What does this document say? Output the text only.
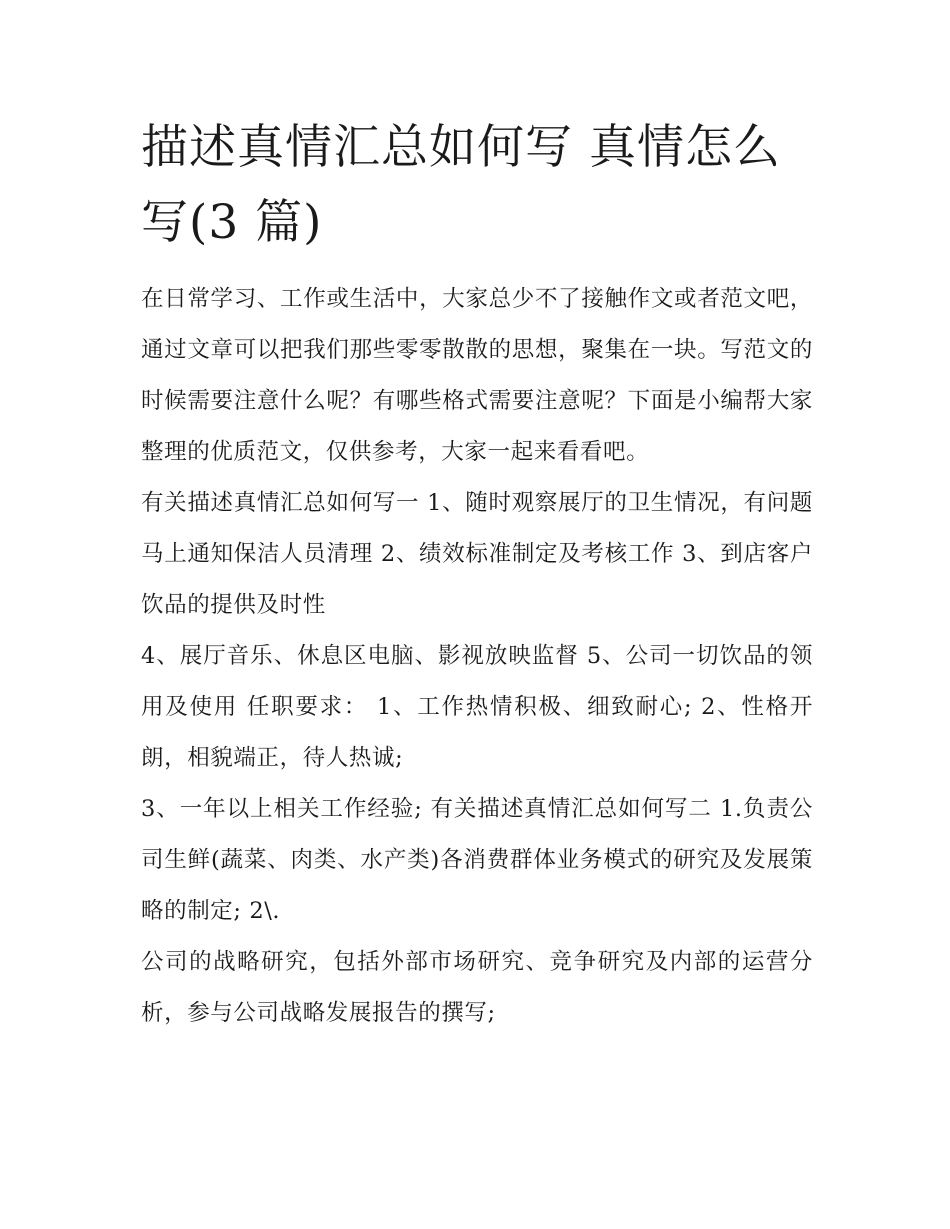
描述真情汇总如何写 真情怎么写(3 篇)

在日常学习、工作或生活中，大家总少不了接触作文或者范文吧，通过文章可以把我们那些零零散散的思想，聚集在一块。写范文的时候需要注意什么呢？有哪些格式需要注意呢？下面是小编帮大家整理的优质范文，仅供参考，大家一起来看看吧。

有关描述真情汇总如何写一 1、随时观察展厅的卫生情况，有问题马上通知保洁人员清理 2、绩效标准制定及考核工作 3、到店客户饮品的提供及时性

4、展厅音乐、休息区电脑、影视放映监督 5、公司一切饮品的领用及使用 任职要求： 1、工作热情积极、细致耐心; 2、性格开朗，相貌端正，待人热诚;

3、一年以上相关工作经验; 有关描述真情汇总如何写二 1.负责公司生鲜(蔬菜、肉类、水产类)各消费群体业务模式的研究及发展策略的制定; 2\.

公司的战略研究，包括外部市场研究、竞争研究及内部的运营分析，参与公司战略发展报告的撰写;
